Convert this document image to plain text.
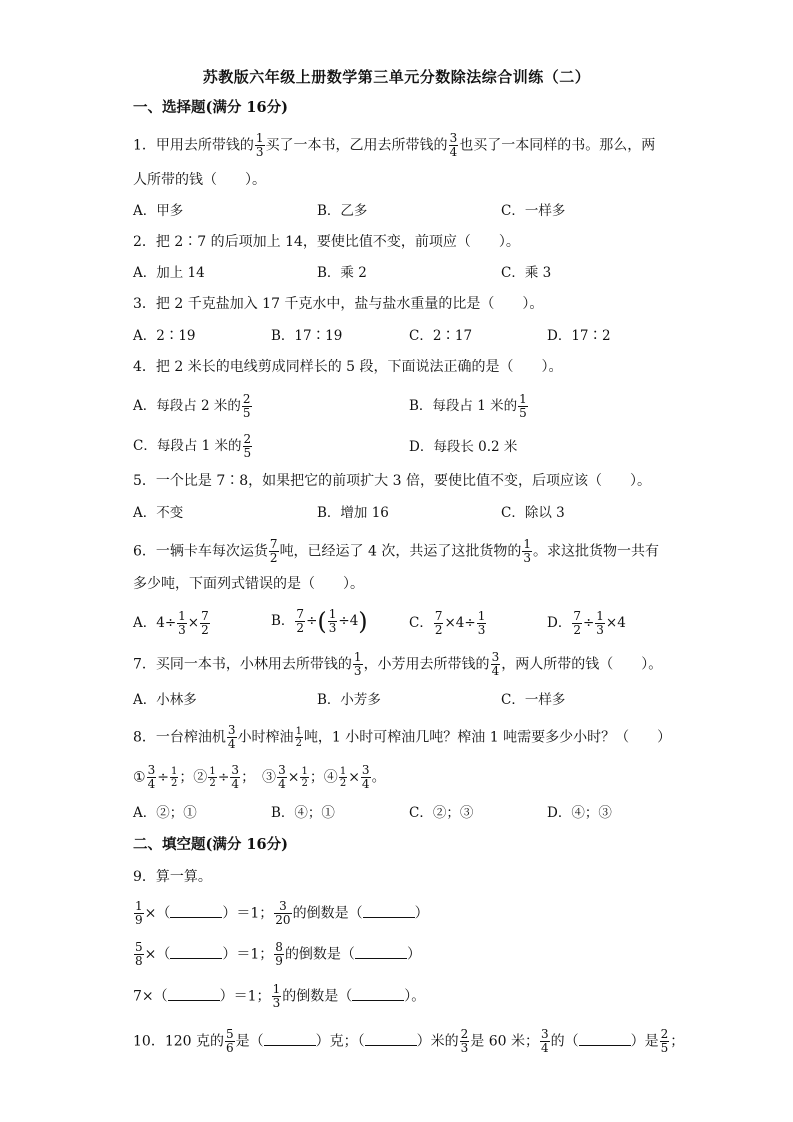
苏教版六年级上册数学第三单元分数除法综合训练（二）
一、选择题(满分 16分)
1．甲用去所带钱的 $\frac{1}{3}$ 买了一本书，乙用去所带钱的 $\frac{3}{4}$ 也买了一本同样的书。那么，两
人所带的钱（　　）。
A．甲多	B．乙多	C．一样多
2．把 2∶7 的后项加上 14，要使比值不变，前项应（　　）。
A．加上 14	B．乘 2	C．乘 3
3．把 2 千克盐加入 17 千克水中，盐与盐水重量的比是（　　）。
A．2∶19	B．17∶19	C．2∶17	D．17∶2
4．把 2 米长的电线剪成同样长的 5 段，下面说法正确的是（　　）。
A．每段占 2 米的 $\frac{2}{5}$	B．每段占 1 米的 $\frac{1}{5}$
C．每段占 1 米的 $\frac{2}{5}$	D．每段长 0.2 米
5．一个比是 7∶8，如果把它的前项扩大 3 倍，要使比值不变，后项应该（　　）。
A．不变	B．增加 16	C．除以 3
6．一辆卡车每次运货 $\frac{7}{2}$ 吨，已经运了 4 次，共运了这批货物的 $\frac{1}{3}$ 。求这批货物一共有
多少吨，下面列式错误的是（　　）。
A．$4\div \frac{1}{3} \times \frac{7}{2}$	B． $\frac{7}{2}$ ÷( $\frac{1}{3} \div 4$)	C． $\frac{7}{2} \times 4\div \frac{1}{3}$	D． $\frac{7}{2} \div \frac{1}{3} \times 4$
7．买同一本书，小林用去所带钱的 $\frac{1}{3}$ ，小芳用去所带钱的 $\frac{3}{4}$ ，两人所带的钱（　　）。
A．小林多	B．小芳多	C．一样多
8．一台榨油机 $\frac{3}{4}$ 小时榨油 $\frac{1}{2}$ 吨，1 小时可榨油几吨？榨油 1 吨需要多少小时？（　　）
① $\frac{3}{4} \div \frac{1}{2}$ ；② $\frac{1}{2} \div \frac{3}{4}$ ；　③ $\frac{3}{4} \times \frac{1}{2}$ ；④ $\frac{1}{2} \times \frac{3}{4}$ 。
A．②；①	B．④；①	C．②；③	D．④；③
二、填空题(满分 16分)
9．算一算。
$\frac{1}{9}$ ×（	）＝1； $\frac{3}{20}$ 的倒数是（	）
$\frac{5}{8}$ ×（	）＝1； $\frac{8}{9}$ 的倒数是（	）
7×（	）＝1； $\frac{1}{3}$ 的倒数是（	）。
10．120 克的 $\frac{5}{6}$ 是（	）克；（	）米的 $\frac{2}{3}$ 是 60 米； $\frac{3}{4}$ 的（	）是 $\frac{2}{5}$ ；
